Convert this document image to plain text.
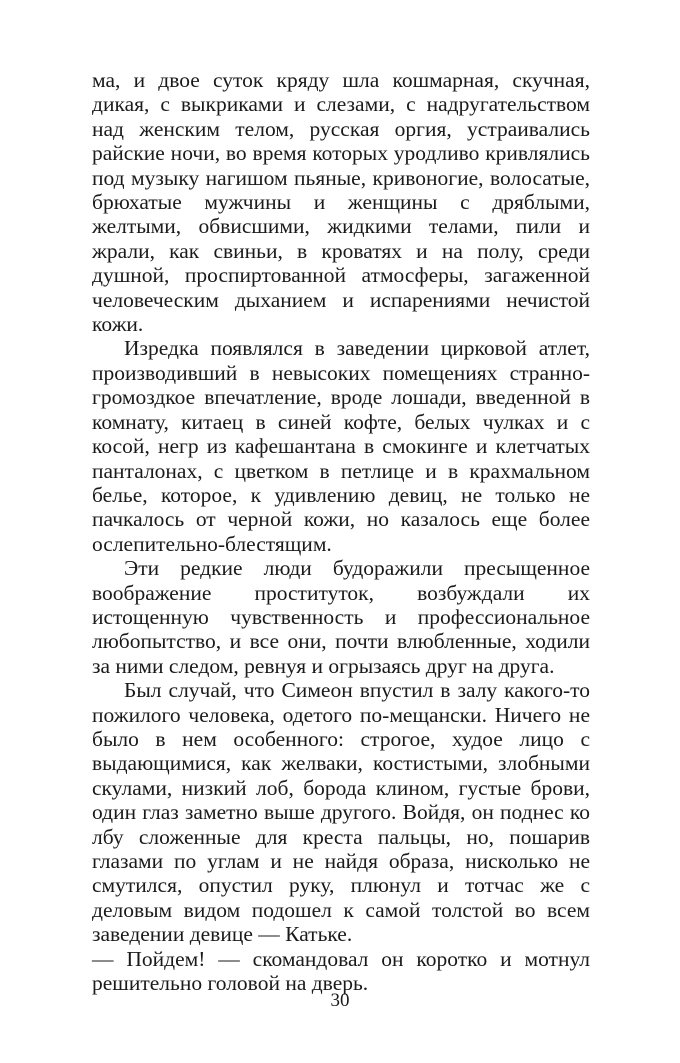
ма, и двое суток кряду шла кошмарная, скучная, дикая, с выкриками и слезами, с надругательством над женским телом, русская оргия, устраивались райские ночи, во время которых уродливо кривлялись под музыку нагишом пьяные, кривоногие, волосатые, брюхатые мужчины и женщины с дряблыми, желтыми, обвисшими, жидкими телами, пили и жрали, как свиньи, в кроватях и на полу, среди душной, проспиртованной атмосферы, загаженной человеческим дыханием и испарениями нечистой кожи.

Изредка появлялся в заведении цирковой атлет, производивший в невысоких помещениях странно-громоздкое впечатление, вроде лошади, введенной в комнату, китаец в синей кофте, белых чулках и с косой, негр из кафешантана в смокинге и клетчатых панталонах, с цветком в петлице и в крахмальном белье, которое, к удивлению девиц, не только не пачкалось от черной кожи, но казалось еще более ослепительно-блестящим.

Эти редкие люди будоражили пресыщенное воображение проституток, возбуждали их истощенную чувственность и профессиональное любопытство, и все они, почти влюбленные, ходили за ними следом, ревнуя и огрызаясь друг на друга.

Был случай, что Симеон впустил в залу какого-то пожилого человека, одетого по-мещански. Ничего не было в нем особенного: строгое, худое лицо с выдающимися, как желваки, костистыми, злобными скулами, низкий лоб, борода клином, густые брови, один глаз заметно выше другого. Войдя, он поднес ко лбу сложенные для креста пальцы, но, пошарив глазами по углам и не найдя образа, нисколько не смутился, опустил руку, плюнул и тотчас же с деловым видом подошел к самой толстой во всем заведении девице — Катьке.

— Пойдем! — скомандовал он коротко и мотнул решительно головой на дверь.

30
